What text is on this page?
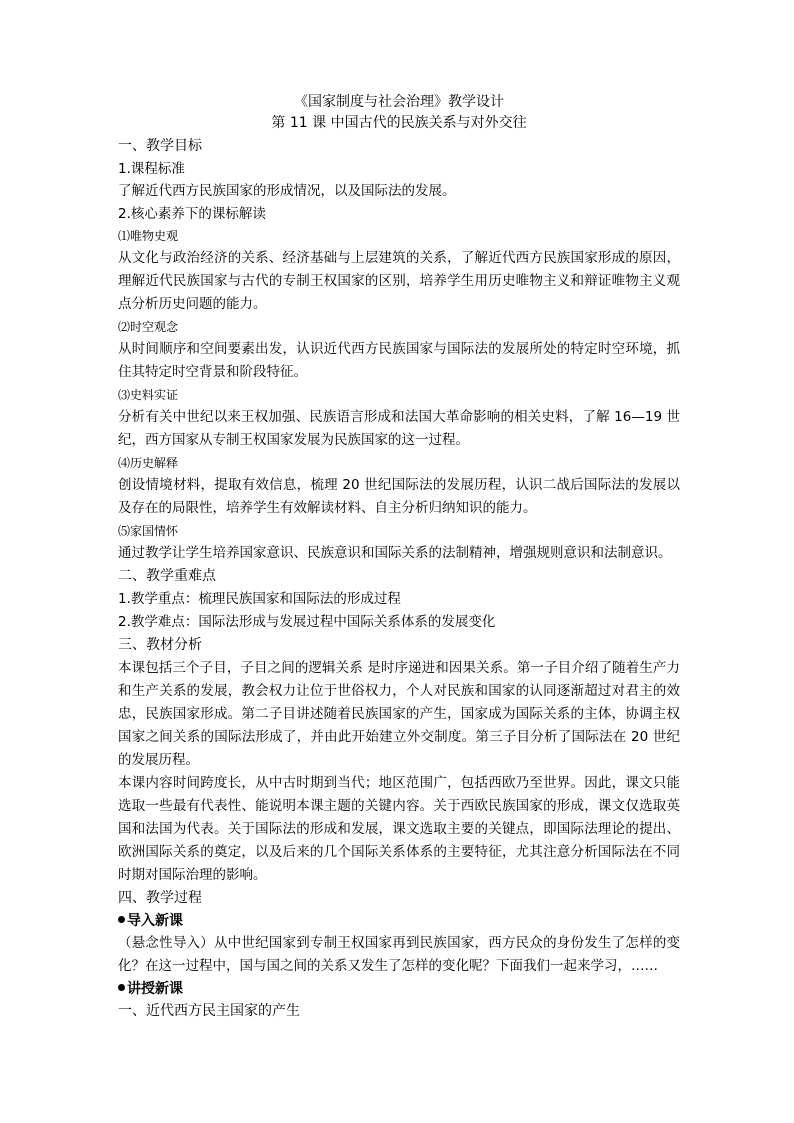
《国家制度与社会治理》教学设计

第 11 课 中国古代的民族关系与对外交往

一、教学目标

1.课程标准

了解近代西方民族国家的形成情况，以及国际法的发展。

2.核心素养下的课标解读

⑴唯物史观

从文化与政治经济的关系、经济基础与上层建筑的关系，了解近代西方民族国家形成的原因，理解近代民族国家与古代的专制王权国家的区别，培养学生用历史唯物主义和辩证唯物主义观点分析历史问题的能力。

⑵时空观念

从时间顺序和空间要素出发，认识近代西方民族国家与国际法的发展所处的特定时空环境，抓住其特定时空背景和阶段特征。

⑶史料实证

分析有关中世纪以来王权加强、民族语言形成和法国大革命影响的相关史料，了解 16—19 世纪，西方国家从专制王权国家发展为民族国家的这一过程。

⑷历史解释

创设情境材料，提取有效信息，梳理 20 世纪国际法的发展历程，认识二战后国际法的发展以及存在的局限性，培养学生有效解读材料、自主分析归纳知识的能力。

⑸家国情怀

通过教学让学生培养国家意识、民族意识和国际关系的法制精神，增强规则意识和法制意识。

二、教学重难点

1.教学重点：梳理民族国家和国际法的形成过程

2.教学难点：国际法形成与发展过程中国际关系体系的发展变化

三、教材分析

本课包括三个子目，子目之间的逻辑关系 是时序递进和因果关系。第一子目介绍了随着生产力和生产关系的发展，教会权力让位于世俗权力，个人对民族和国家的认同逐渐超过对君主的效忠，民族国家形成。第二子目讲述随着民族国家的产生，国家成为国际关系的主体，协调主权国家之间关系的国际法形成了，并由此开始建立外交制度。第三子目分析了国际法在 20 世纪的发展历程。

本课内容时间跨度长，从中古时期到当代；地区范围广，包括西欧乃至世界。因此，课文只能选取一些最有代表性、能说明本课主题的关键内容。关于西欧民族国家的形成，课文仅选取英国和法国为代表。关于国际法的形成和发展，课文选取主要的关键点，即国际法理论的提出、欧洲国际关系的奠定，以及后来的几个国际关系体系的主要特征，尤其注意分析国际法在不同时期对国际治理的影响。

四、教学过程

导入新课

（悬念性导入）从中世纪国家到专制王权国家再到民族国家，西方民众的身份发生了怎样的变化？在这一过程中，国与国之间的关系又发生了怎样的变化呢？下面我们一起来学习，……

讲授新课

一、近代西方民主国家的产生
